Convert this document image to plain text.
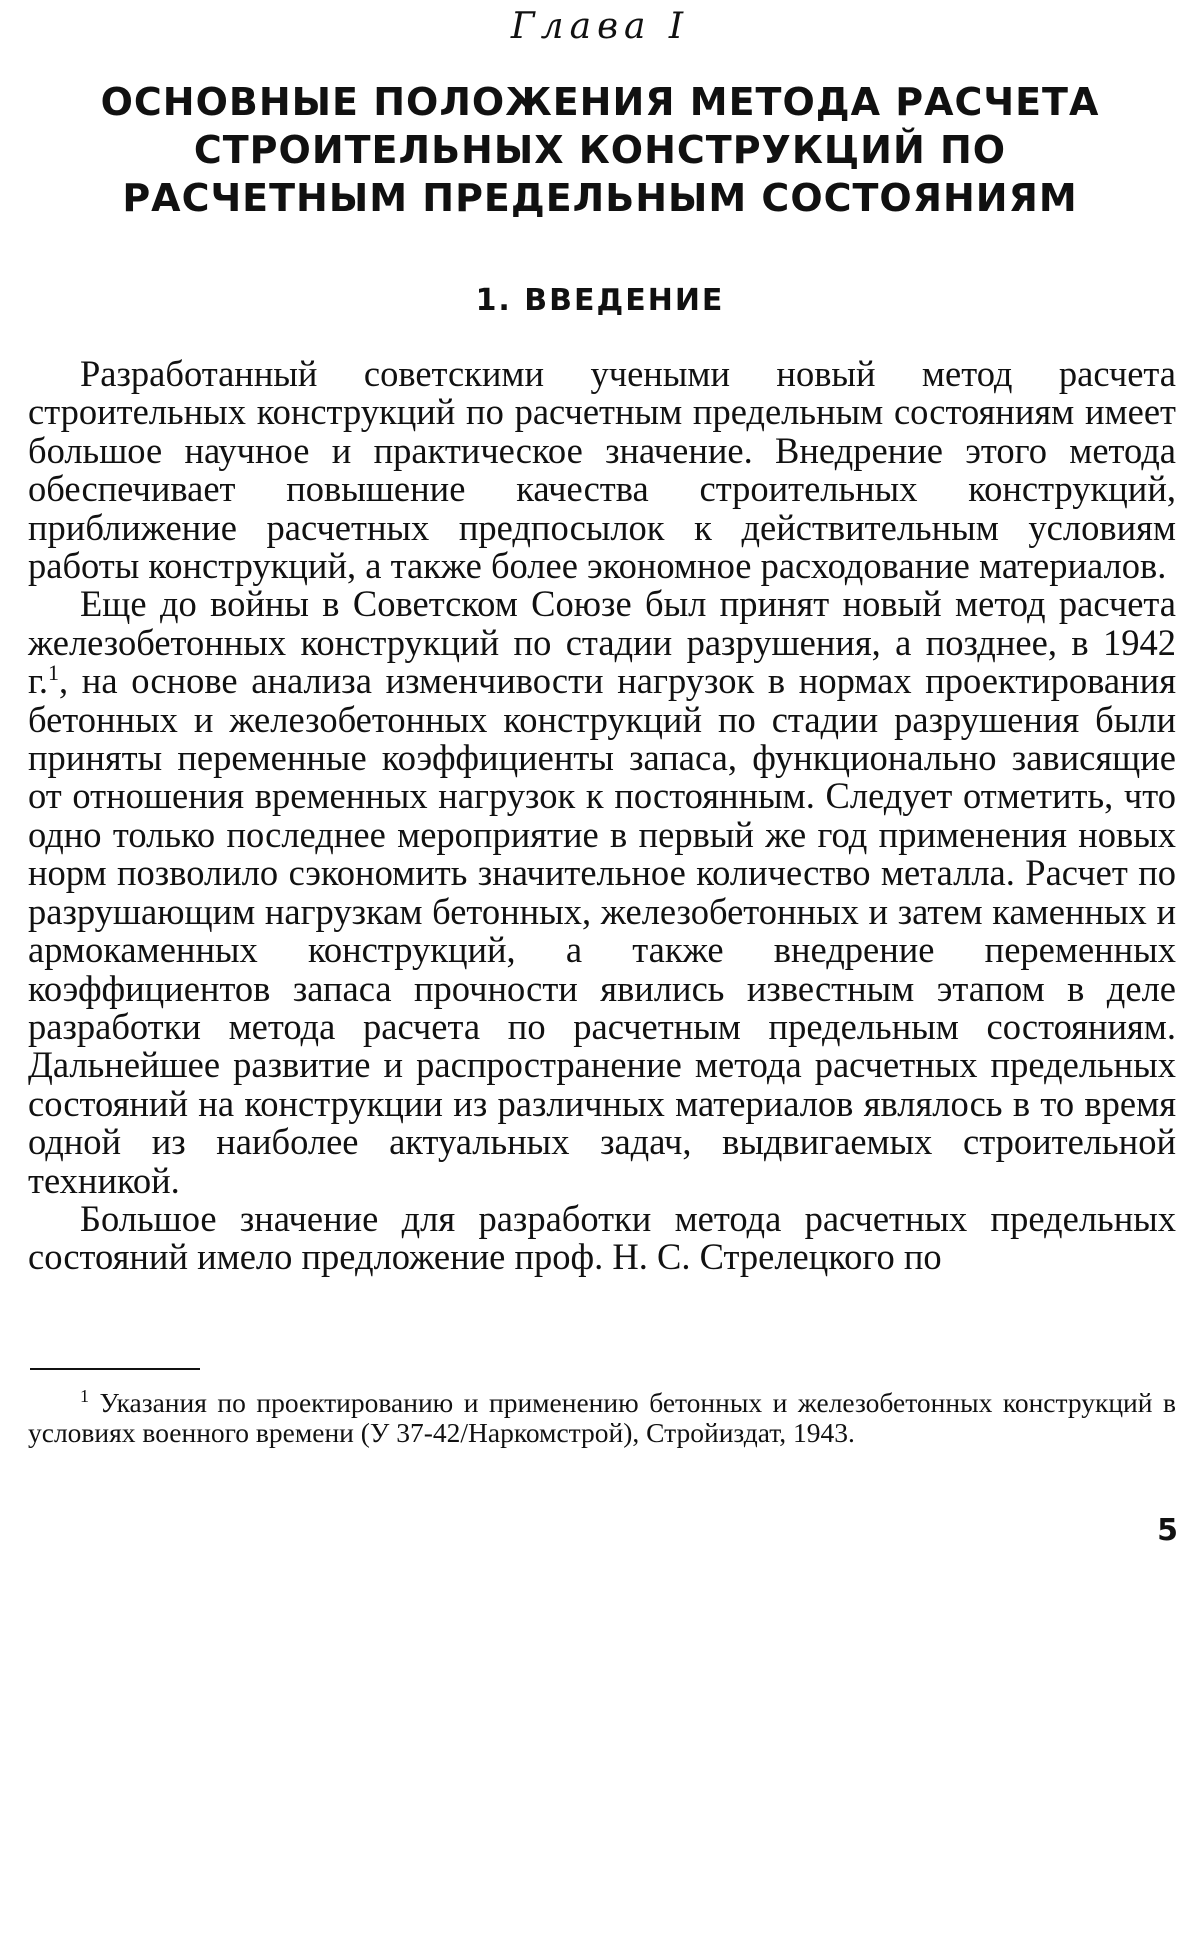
Глава I

ОСНОВНЫЕ ПОЛОЖЕНИЯ МЕТОДА РАСЧЕТА СТРОИТЕЛЬНЫХ КОНСТРУКЦИЙ ПО РАСЧЕТНЫМ ПРЕДЕЛЬНЫМ СОСТОЯНИЯМ
1. ВВЕДЕНИЕ

Разработанный советскими учеными новый метод расчета строительных конструкций по расчетным предельным состояниям имеет большое научное и практическое значение. Внедрение этого метода обеспечивает повышение качества строительных конструкций, приближение расчетных предпосылок к действительным условиям работы конструкций, а также более экономное расходование материалов.

Еще до войны в Советском Союзе был принят новый метод расчета железобетонных конструкций по стадии разрушения, а позднее, в 1942 г.$^1$, на основе анализа изменчивости нагрузок в нормах проектирования бетонных и железобетонных конструкций по стадии разрушения были приняты переменные коэффициенты запаса, функционально зависящие от отношения временных нагрузок к постоянным. Следует отметить, что одно только последнее мероприятие в первый же год применения новых норм позволило сэкономить значительное количество металла. Расчет по разрушающим нагрузкам бетонных, железобетонных и затем каменных и армокаменных конструкций, а также внедрение переменных коэффициентов запаса прочности явились известным этапом в деле разработки метода расчета по расчетным предельным состояниям. Дальнейшее развитие и распространение метода расчетных предельных состояний на конструкции из различных материалов являлось в то время одной из наиболее актуальных задач, выдвигаемых строительной техникой.

Большое значение для разработки метода расчетных предельных состояний имело предложение проф. Н. С. Стрелецкого по

$^1$ Указания по проектированию и применению бетонных и железобетонных конструкций в условиях военного времени (У 37-42/Наркомстрой), Стройиздат, 1943.

5
